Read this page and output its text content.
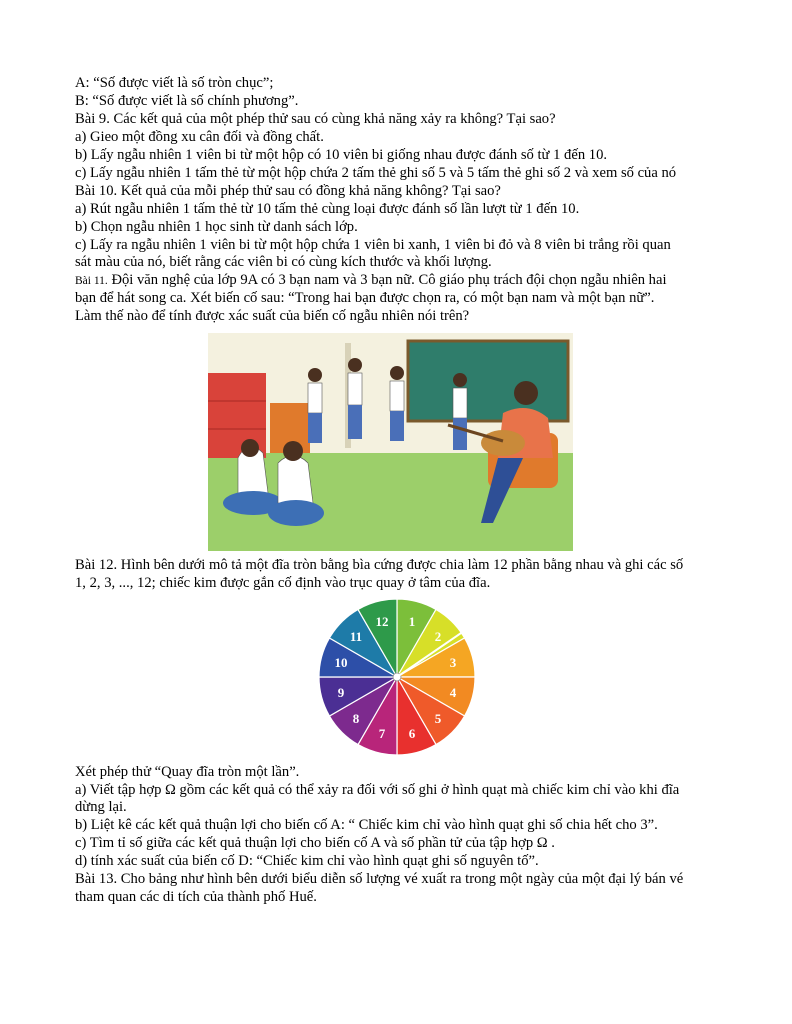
A: “Số được viết là số tròn chục”;
B: “Số được viết là số chính phương”.
Bài 9. Các kết quả của một phép thử sau có cùng khả năng xảy ra không? Tại sao?
a) Gieo một đồng xu cân đối và đồng chất.
b) Lấy ngẫu nhiên 1 viên bi từ một hộp có 10 viên bi giống nhau được đánh số từ 1 đến 10.
c) Lấy ngẫu nhiên 1 tấm thẻ từ một hộp chứa 2 tấm thẻ ghi số 5 và 5 tấm thẻ ghi số 2 và xem số của nó
Bài 10. Kết quả của mỗi phép thử sau có đồng khả năng không? Tại sao?
a) Rút ngẫu nhiên 1 tấm thẻ từ 10 tấm thẻ cùng loại được đánh số lần lượt từ 1 đến 10.
b) Chọn ngẫu nhiên 1 học sinh từ danh sách lớp.
c) Lấy ra ngẫu nhiên 1 viên bi từ một hộp chứa 1 viên bi xanh, 1 viên bi đỏ và 8 viên bi trắng rồi quan
sát màu của nó, biết rằng các viên bi có cùng kích thước và khối lượng.
Bài 11. Đội văn nghệ của lớp 9A có 3 bạn nam và 3 bạn nữ. Cô giáo phụ trách đội chọn ngẫu nhiên hai
bạn để hát song ca. Xét biến cố sau: “Trong hai bạn được chọn ra, có một bạn nam và một bạn nữ”.
Làm thế nào để tính được xác suất của biến cố ngẫu nhiên nói trên?
Bài 12. Hình bên dưới mô tả một đĩa tròn bằng bìa cứng được chia làm 12 phần bằng nhau và ghi các số
1, 2, 3, ..., 12; chiếc kim được gắn cố định vào trục quay ở tâm của đĩa.
1
2
3
4
5
6
7
8
9
10
11
12
Xét phép thử “Quay đĩa tròn một lần”.
a) Viết tập hợp Ω gồm các kết quả có thể xảy ra đối với số ghi ở hình quạt mà chiếc kim chỉ vào khi đĩa
dừng lại.
b) Liệt kê các kết quả thuận lợi cho biến cố A: “ Chiếc kim chỉ vào hình quạt ghi số chia hết cho 3”.
c) Tìm tỉ số giữa các kết quả thuận lợi cho biến cố A và số phần tử của tập hợp Ω .
d) tính xác suất của biến cố D: “Chiếc kim chỉ vào hình quạt ghi số nguyên tố”.
Bài 13. Cho bảng như hình bên dưới biểu diễn số lượng vé xuất ra trong một ngày của một đại lý bán vé
tham quan các di tích của thành phố Huế.
